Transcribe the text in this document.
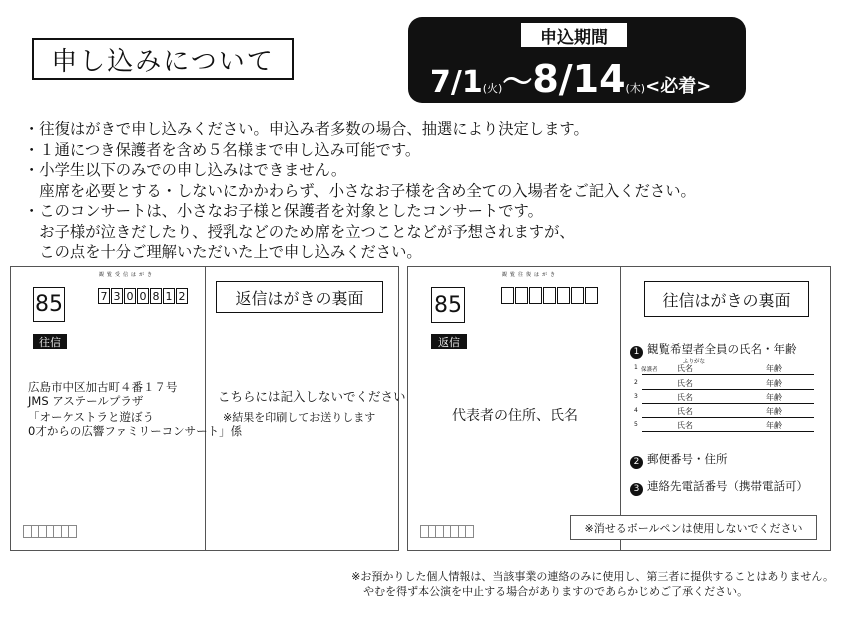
申し込みについて
申込期間
7/1(火)～8/14(木)<必着>
・往復はがきで申し込みください。申込み者多数の場合、抽選により決定します。
・１通につき保護者を含め５名様まで申し込み可能です。
・小学生以下のみでの申し込みはできません。
　座席を必要とする・しないにかかわらず、小さなお子様を含め全ての入場者をご記入ください。
・このコンサートは、小さなお子様と保護者を対象としたコンサートです。
　お子様が泣きだしたり、授乳などのため席を立つことなどが予想されますが、
　この点を十分ご理解いただいた上で申し込みください。
85
観覧受信はがき
7 3 0 0 8 1 2
往信
広島市中区加古町４番１７号
JMS アステールプラザ
「オーケストラと遊ぼう
0才からの広響ファミリーコンサート」係
返信はがきの裏面
こちらには記入しないでください
※結果を印刷してお送りします
85
観覧往復はがき
返信
代表者の住所、氏名
往信はがきの裏面
1 観覧希望者全員の氏名・年齢
ふりがな
1 保護者 氏名	年齢
2	氏名	年齢
3	氏名	年齢
4	氏名	年齢
5	氏名	年齢
2 郵便番号・住所
3 連絡先電話番号（携帯電話可）
※消せるボールペンは使用しないでください
※お預かりした個人情報は、当該事業の連絡のみに使用し、第三者に提供することはありません。
やむを得ず本公演を中止する場合がありますのであらかじめご了承ください。
